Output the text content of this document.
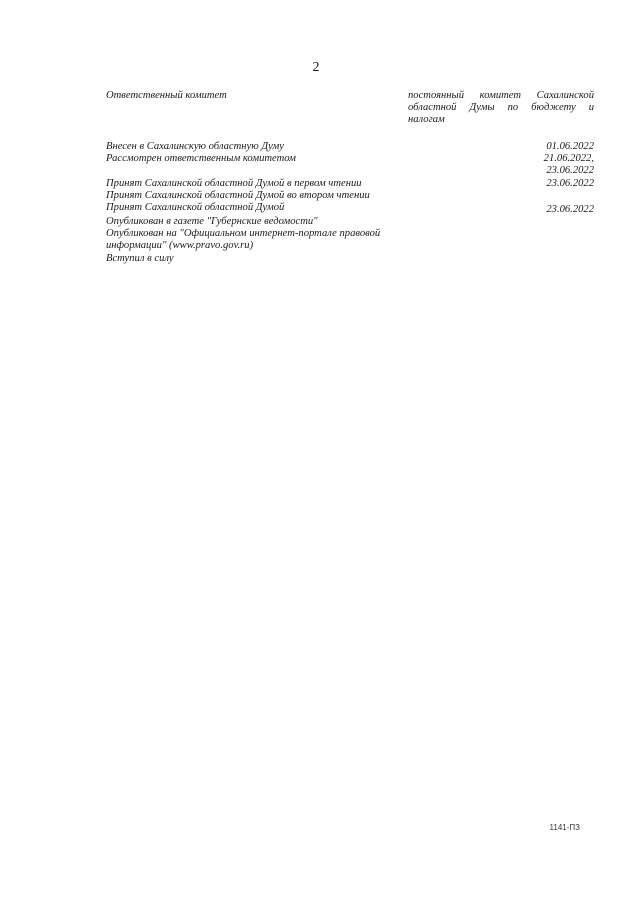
2
Ответственный комитет	постоянный комитет Сахалинской
областной Думы по бюджету и
налогам
Внесен в Сахалинскую областную Думу	01.06.2022
Рассмотрен ответственным комитетом	21.06.2022,
23.06.2022
Принят Сахалинской областной Думой в первом чтении	23.06.2022
Принят Сахалинской областной Думой во втором чтении
Принят Сахалинской областной Думой	23.06.2022
Опубликован в газете "Губернские ведомости"
Опубликован на "Официальном интернет-портале правовой
информации" (www.pravo.gov.ru)
Вступил в силу
1141-ПЗ
